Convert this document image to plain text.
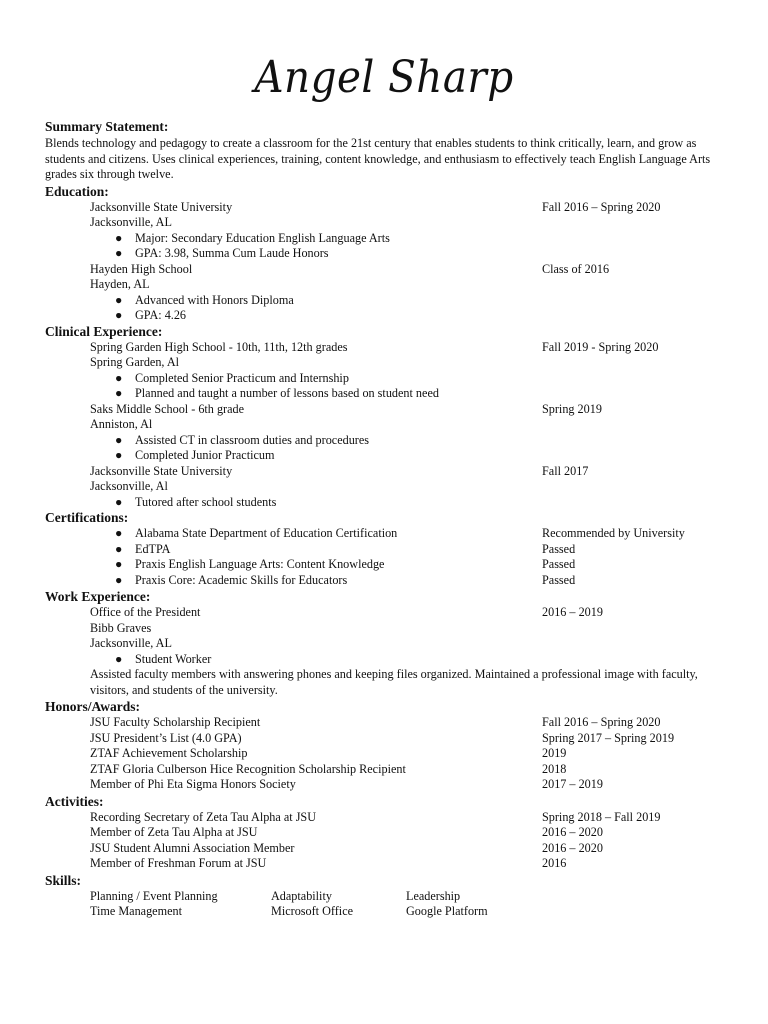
Angel Sharp
Summary Statement:
Blends technology and pedagogy to create a classroom for the 21st century that enables students to think critically, learn, and grow as students and citizens. Uses clinical experiences, training, content knowledge, and enthusiasm to effectively teach English Language Arts grades six through twelve.
Education:
Jacksonville State University	Fall 2016 – Spring 2020
Jacksonville, AL
● Major: Secondary Education English Language Arts
● GPA: 3.98, Summa Cum Laude Honors
Hayden High School	Class of 2016
Hayden, AL
● Advanced with Honors Diploma
● GPA: 4.26
Clinical Experience:
Spring Garden High School - 10th, 11th, 12th grades	Fall 2019 - Spring 2020
Spring Garden, Al
● Completed Senior Practicum and Internship
● Planned and taught a number of lessons based on student need
Saks Middle School - 6th grade	Spring 2019
Anniston, Al
● Assisted CT in classroom duties and procedures
● Completed Junior Practicum
Jacksonville State University	Fall 2017
Jacksonville, Al
● Tutored after school students
Certifications:
● Alabama State Department of Education Certification	Recommended by University
● EdTPA	Passed
● Praxis English Language Arts: Content Knowledge	Passed
● Praxis Core: Academic Skills for Educators	Passed
Work Experience:
Office of the President	2016 – 2019
Bibb Graves
Jacksonville, AL
● Student Worker
Assisted faculty members with answering phones and keeping files organized. Maintained a professional image with faculty, visitors, and students of the university.
Honors/Awards:
JSU Faculty Scholarship Recipient	Fall 2016 – Spring 2020
JSU President’s List (4.0 GPA)	Spring 2017 – Spring 2019
ZTAF Achievement Scholarship	2019
ZTAF Gloria Culberson Hice Recognition Scholarship Recipient	2018
Member of Phi Eta Sigma Honors Society	2017 – 2019
Activities:
Recording Secretary of Zeta Tau Alpha at JSU	Spring 2018 – Fall 2019
Member of Zeta Tau Alpha at JSU	2016 – 2020
JSU Student Alumni Association Member	2016 – 2020
Member of Freshman Forum at JSU	2016
Skills:
Planning / Event Planning	Adaptability	Leadership
Time Management	Microsoft Office	Google Platform
